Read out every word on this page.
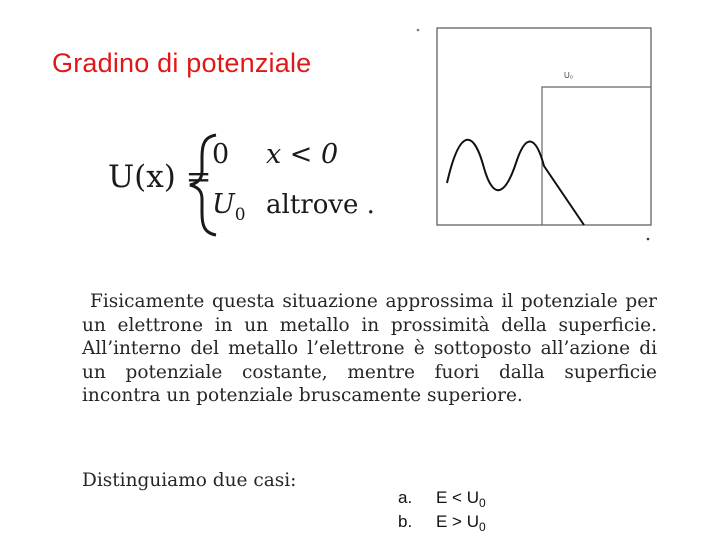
Gradino di potenziale
U(x) =
0 x < 0
$U_0$ altrove .
U₀

Fisicamente questa situazione approssima il potenziale per un elettrone in un metallo in prossimità della superficie. All’interno del metallo l’elettrone è sottoposto all’azione di un potenziale costante, mentre fuori dalla superficie incontra un potenziale bruscamente superiore.

Distinguiamo due casi:
a. $E < U_0$
b. $E > U_0$
